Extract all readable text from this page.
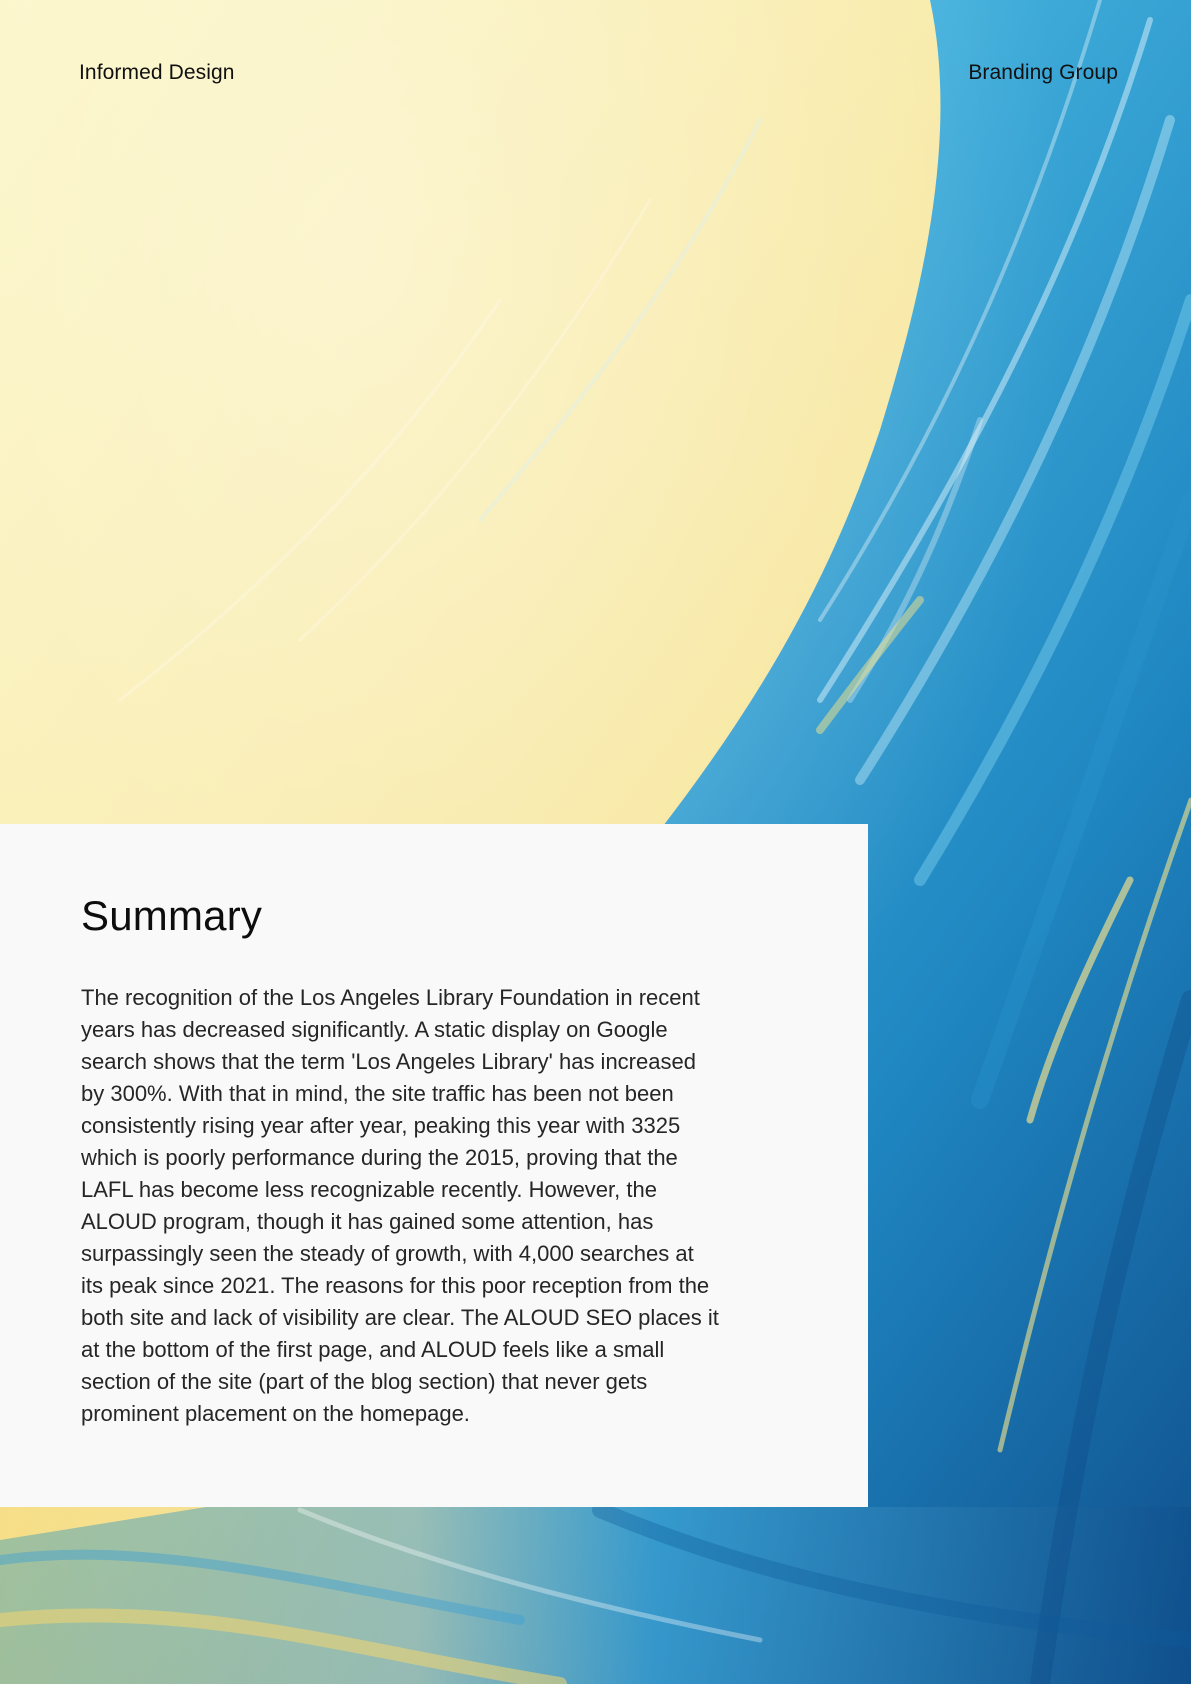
Informed Design	Branding Group
Summary

The recognition of the Los Angeles Library Foundation in recent
years has decreased significantly. A static display on Google
search shows that the term 'Los Angeles Library' has increased
by 300%. With that in mind, the site traffic has been not been
consistently rising year after year, peaking this year with 3325
which is poorly performance during the 2015, proving that the
LAFL has become less recognizable recently. However, the
ALOUD program, though it has gained some attention, has
surpassingly seen the steady of growth, with 4,000 searches at
its peak since 2021. The reasons for this poor reception from the
both site and lack of visibility are clear. The ALOUD SEO places it
at the bottom of the first page, and ALOUD feels like a small
section of the site (part of the blog section) that never gets
prominent placement on the homepage.
